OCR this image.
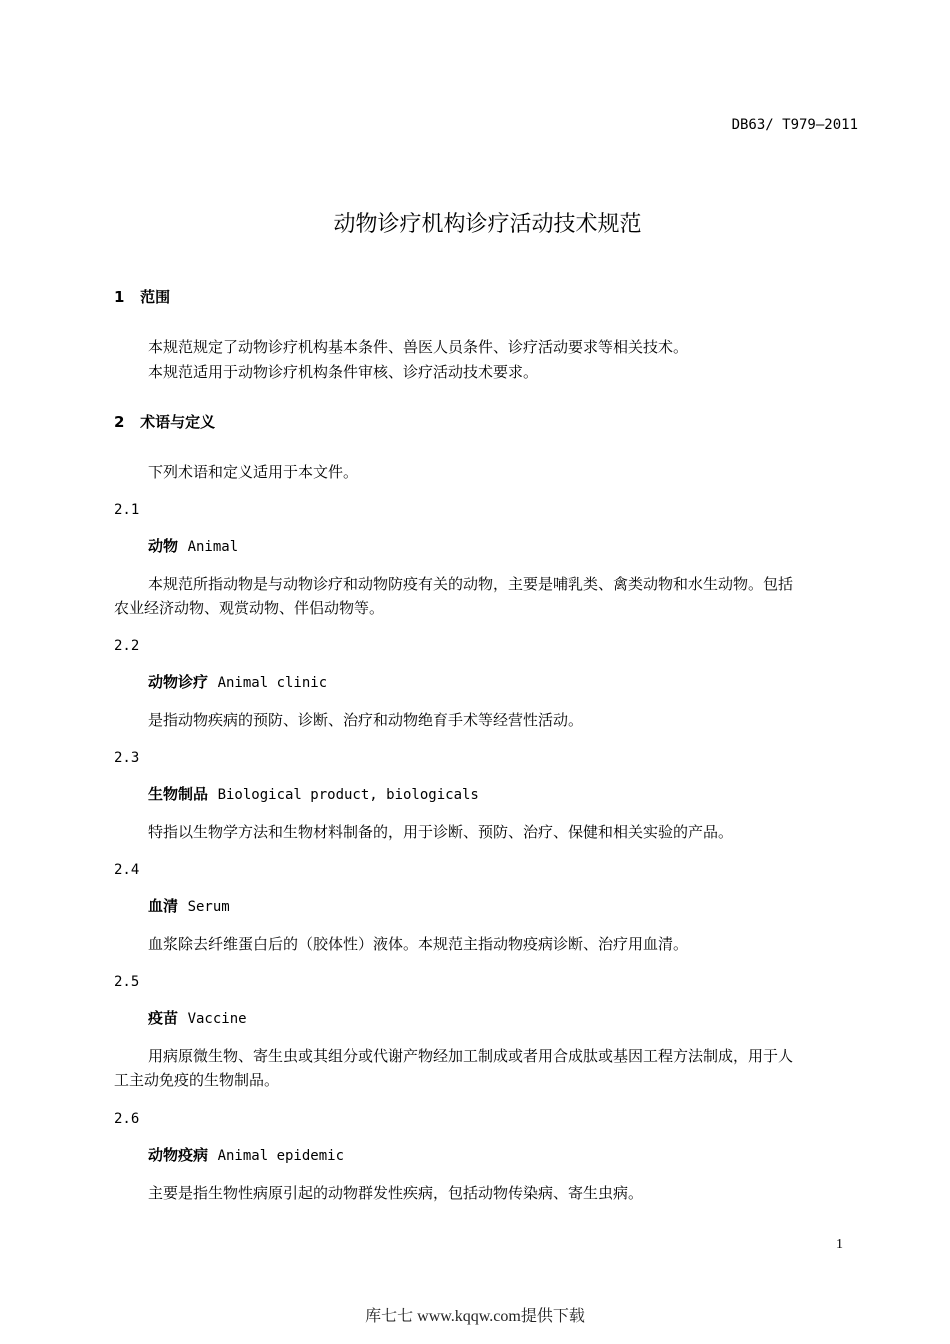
DB63/ T979—2011
动物诊疗机构诊疗活动技术规范
1 范围
本规范规定了动物诊疗机构基本条件、兽医人员条件、诊疗活动要求等相关技术。
本规范适用于动物诊疗机构条件审核、诊疗活动技术要求。
2 术语与定义
下列术语和定义适用于本文件。
2.1
动物 Animal
本规范所指动物是与动物诊疗和动物防疫有关的动物，主要是哺乳类、禽类动物和水生动物。包括
农业经济动物、观赏动物、伴侣动物等。
2.2
动物诊疗 Animal clinic
是指动物疾病的预防、诊断、治疗和动物绝育手术等经营性活动。
2.3
生物制品 Biological product, biologicals
特指以生物学方法和生物材料制备的，用于诊断、预防、治疗、保健和相关实验的产品。
2.4
血清 Serum
血浆除去纤维蛋白后的（胶体性）液体。本规范主指动物疫病诊断、治疗用血清。
2.5
疫苗 Vaccine
用病原微生物、寄生虫或其组分或代谢产物经加工制成或者用合成肽或基因工程方法制成，用于人
工主动免疫的生物制品。
2.6
动物疫病 Animal epidemic
主要是指生物性病原引起的动物群发性疾病，包括动物传染病、寄生虫病。
1
库七七 www.kqqw.com提供下载
